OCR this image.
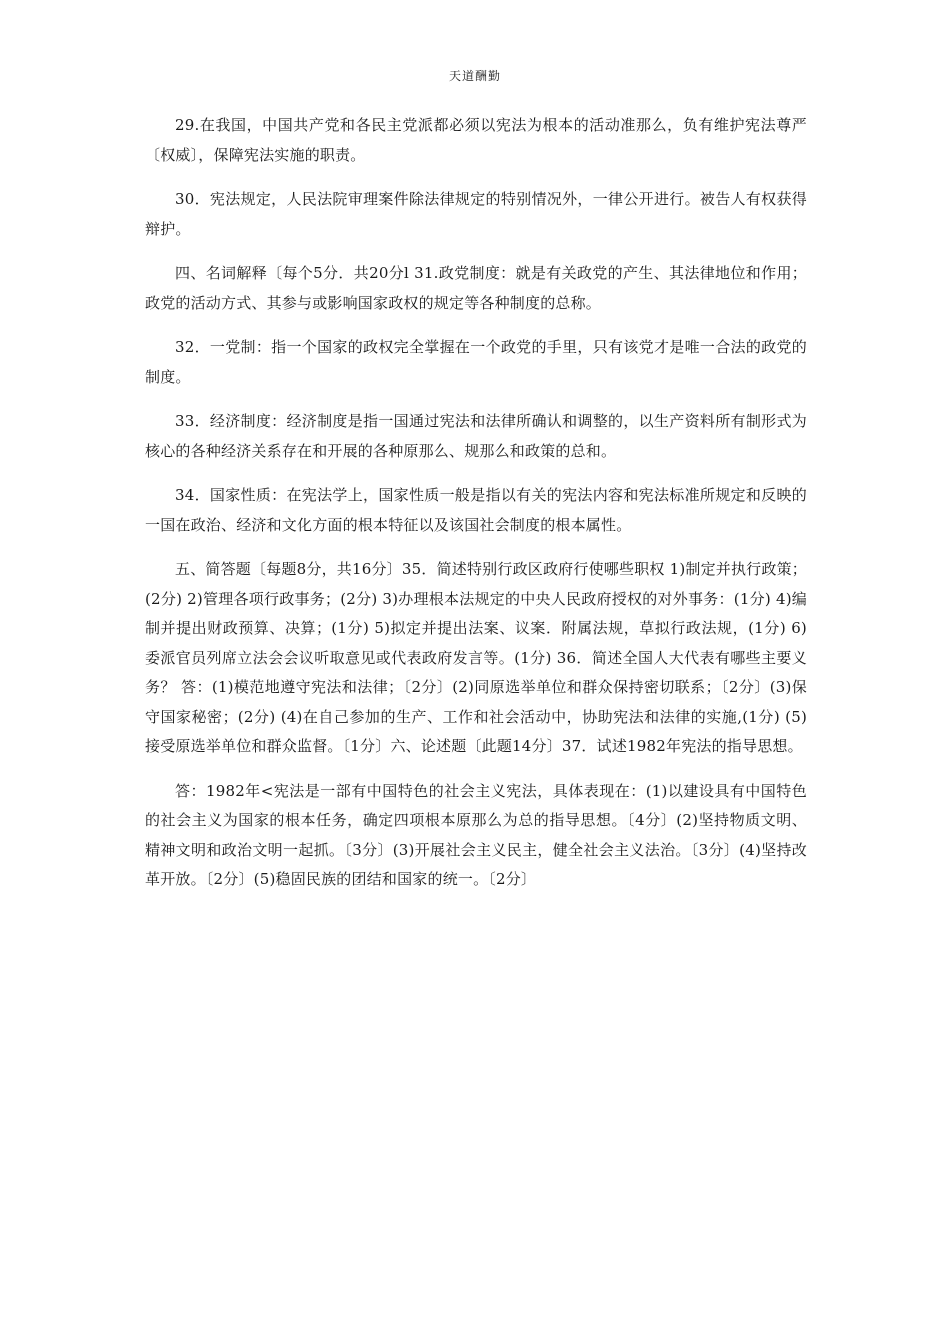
天道酬勤

29.在我国，中国共产党和各民主党派都必须以宪法为根本的活动准那么，负有维护宪法尊严〔权威〕，保障宪法实施的职责。

30．宪法规定，人民法院审理案件除法律规定的特别情况外，一律公开进行。被告人有权获得辩护。

四、名词解释〔每个5分．共20分l 31.政党制度：就是有关政党的产生、其法律地位和作用；政党的活动方式、其参与或影响国家政权的规定等各种制度的总称。

32．一党制：指一个国家的政权完全掌握在一个政党的手里，只有该党才是唯一合法的政党的制度。

33．经济制度：经济制度是指一国通过宪法和法律所确认和调整的，以生产资料所有制形式为核心的各种经济关系存在和开展的各种原那么、规那么和政策的总和。

34．国家性质：在宪法学上，国家性质一般是指以有关的宪法内容和宪法标准所规定和反映的一国在政治、经济和文化方面的根本特征以及该国社会制度的根本属性。

五、简答题〔每题8分，共16分〕35．简述特别行政区政府行使哪些职权 1)制定并执行政策；(2分) 2)管理各项行政事务；(2分) 3)办理根本法规定的中央人民政府授权的对外事务：(1分) 4)编制并提出财政预算、决算；(1分) 5)拟定并提出法案、议案．附属法规，草拟行政法规，(1分) 6)委派官员列席立法会会议听取意见或代表政府发言等。(1分) 36．简述全国人大代表有哪些主要义务？ 答：(1)模范地遵守宪法和法律；〔2分〕(2)同原选举单位和群众保持密切联系；〔2分〕(3)保守国家秘密；(2分) (4)在自己参加的生产、工作和社会活动中，协助宪法和法律的实施,(1分) (5)接受原选举单位和群众监督。〔1分〕六、论述题〔此题14分〕37．试述1982年宪法的指导思想。

答：1982年<宪法是一部有中国特色的社会主义宪法，具体表现在：(1)以建设具有中国特色的社会主义为国家的根本任务，确定四项根本原那么为总的指导思想。〔4分〕(2)坚持物质文明、精神文明和政治文明一起抓。〔3分〕(3)开展社会主义民主，健全社会主义法治。〔3分〕(4)坚持改革开放。〔2分〕(5)稳固民族的团结和国家的统一。〔2分〕
